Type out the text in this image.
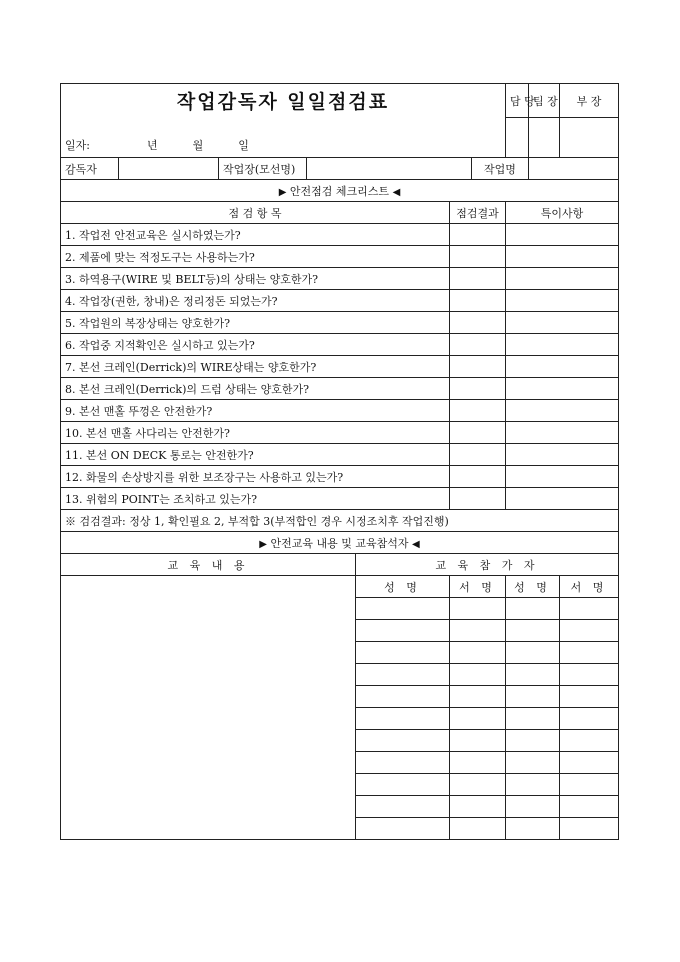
작업감독자 일일점검표							담 당	팀 장	부 장
일자: 년 월 일									
감독자		작업장(모선명)				작업명			
▶ 안전점검 체크리스트 ◀									
점 검 항 목					점검결과		특이사항		
1. 작업전 안전교육은 실시하였는가?									
2. 제품에 맞는 적정도구는 사용하는가?									
3. 하역용구(WIRE 및 BELT등)의 상태는 양호한가?									
4. 작업장(권한, 창내)은 정리정돈 되었는가?									
5. 작업원의 복장상태는 양호한가?									
6. 작업중 지적확인은 실시하고 있는가?									
7. 본선 크레인(Derrick)의 WIRE상태는 양호한가?									
8. 본선 크레인(Derrick)의 드럼 상태는 양호한가?									
9. 본선 맨홀 뚜껑은 안전한가?									
10. 본선 맨홀 사다리는 안전한가?									
11. 본선 ON DECK 통로는 안전한가?									
12. 화물의 손상방지를 위한 보조장구는 사용하고 있는가?									
13. 위험의 POINT는 조치하고 있는가?									
※ 검검결과: 정상 1, 확인필요 2, 부적합 3(부적합인 경우 시정조치후 작업진행)									
▶ 안전교육 내용 및 교육참석자 ◀									
교 육 내 용				교 육 참 가 자					
				성 명	서 명		성 명		서 명
